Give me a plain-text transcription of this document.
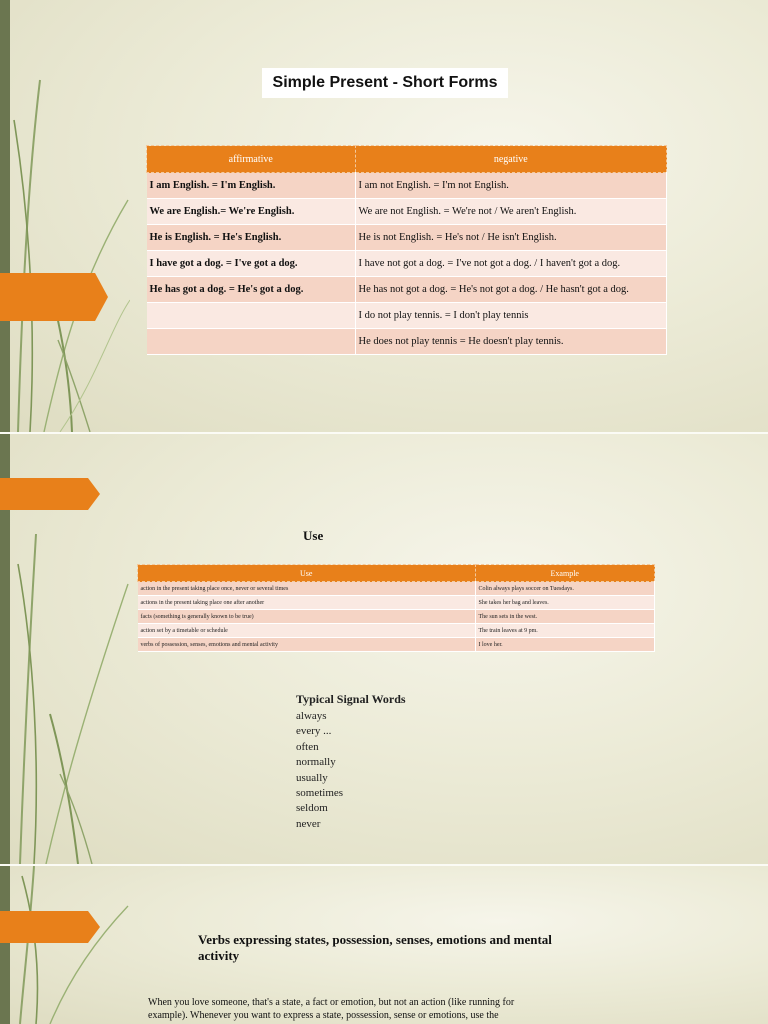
Simple Present - Short Forms
affirmative	negative
I am English. = I'm English.	I am not English. = I'm not English.
We are English.= We're English.	We are not English. = We're not / We aren't English.
He is English. = He's English.	He is not English. = He's not / He isn't English.
I have got a dog. = I've got a dog.	I have not got a dog. = I've not got a dog. / I haven't got a dog.
He has got a dog. = He's got a dog.	He has not got a dog. = He's not got a dog. / He hasn't got a dog.
	I do not play tennis. = I don't play tennis
	He does not play tennis = He doesn't play tennis.
Use
Use	Example
action in the present taking place once, never or several times	Colin always plays soccer on Tuesdays.
actions in the present taking place one after another	She takes her bag and leaves.
facts (something is generally known to be true)	The sun sets in the west.
action set by a timetable or schedule	The train leaves at 9 pm.
verbs of possession, senses, emotions and mental activity	I love her.
Typical Signal Words
always
every ...
often
normally
usually
sometimes
seldom
never
Verbs expressing states, possession, senses, emotions and mental activity
When you love someone, that's a state, a fact or emotion, but not an action (like running for example). Whenever you want to express a state, possession, sense or emotions, use the
